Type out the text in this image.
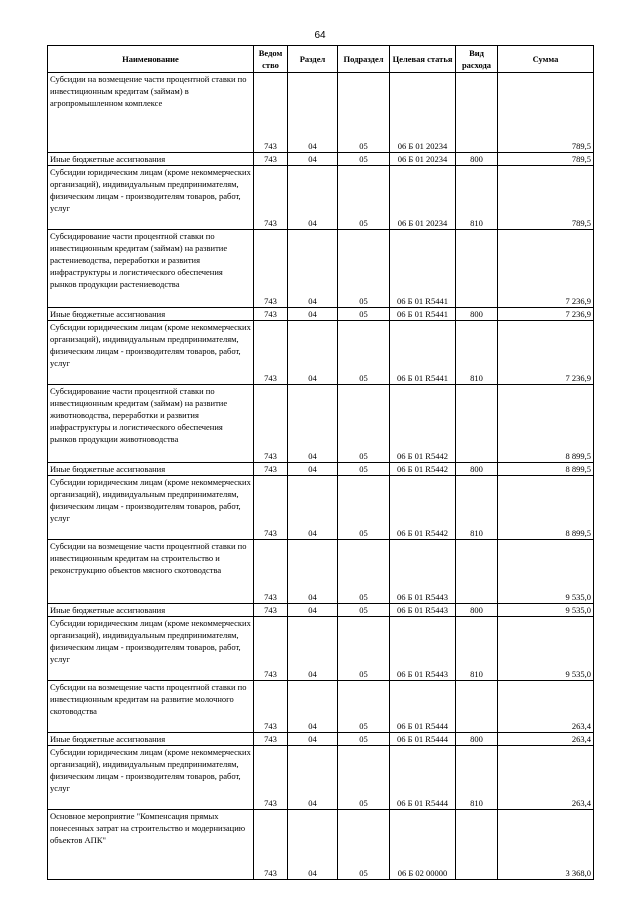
64
Наименование	Ведом ство	Раздел	Подраздел	Целевая статья	Вид расхода	Сумма
Субсидии на возмещение части процентной ставки по инвестиционным кредитам (займам) в агропромышленном комплексе	743	04	05	06 Б 01 20234		789,5
Иные бюджетные ассигнования	743	04	05	06 Б 01 20234	800	789,5
Субсидии юридическим лицам (кроме некоммерческих организаций), индивидуальным предпринимателям, физическим лицам - производителям товаров, работ, услуг	743	04	05	06 Б 01 20234	810	789,5
Субсидирование части процентной ставки по инвестиционным кредитам (займам) на развитие растениеводства, переработки и развития инфраструктуры и логистического обеспечения рынков продукции растениеводства	743	04	05	06 Б 01 R5441		7 236,9
Иные бюджетные ассигнования	743	04	05	06 Б 01 R5441	800	7 236,9
Субсидии юридическим лицам (кроме некоммерческих организаций), индивидуальным предпринимателям, физическим лицам - производителям товаров, работ, услуг	743	04	05	06 Б 01 R5441	810	7 236,9
Субсидирование части процентной ставки по инвестиционным кредитам (займам) на развитие животноводства, переработки и развития инфраструктуры и логистического обеспечения рынков продукции животноводства	743	04	05	06 Б 01 R5442		8 899,5
Иные бюджетные ассигнования	743	04	05	06 Б 01 R5442	800	8 899,5
Субсидии юридическим лицам (кроме некоммерческих организаций), индивидуальным предпринимателям, физическим лицам - производителям товаров, работ, услуг	743	04	05	06 Б 01 R5442	810	8 899,5
Субсидии на возмещение части процентной ставки по инвестиционным кредитам на строительство и реконструкцию объектов мясного скотоводства	743	04	05	06 Б 01 R5443		9 535,0
Иные бюджетные ассигнования	743	04	05	06 Б 01 R5443	800	9 535,0
Субсидии юридическим лицам (кроме некоммерческих организаций), индивидуальным предпринимателям, физическим лицам - производителям товаров, работ, услуг	743	04	05	06 Б 01 R5443	810	9 535,0
Субсидии на возмещение части процентной ставки по инвестиционным кредитам на развитие молочного скотоводства	743	04	05	06 Б 01 R5444		263,4
Иные бюджетные ассигнования	743	04	05	06 Б 01 R5444	800	263,4
Субсидии юридическим лицам (кроме некоммерческих организаций), индивидуальным предпринимателям, физическим лицам - производителям товаров, работ, услуг	743	04	05	06 Б 01 R5444	810	263,4
Основное мероприятие "Компенсация прямых понесенных затрат на строительство и модернизацию объектов АПК"	743	04	05	06 Б 02 00000		3 368,0
